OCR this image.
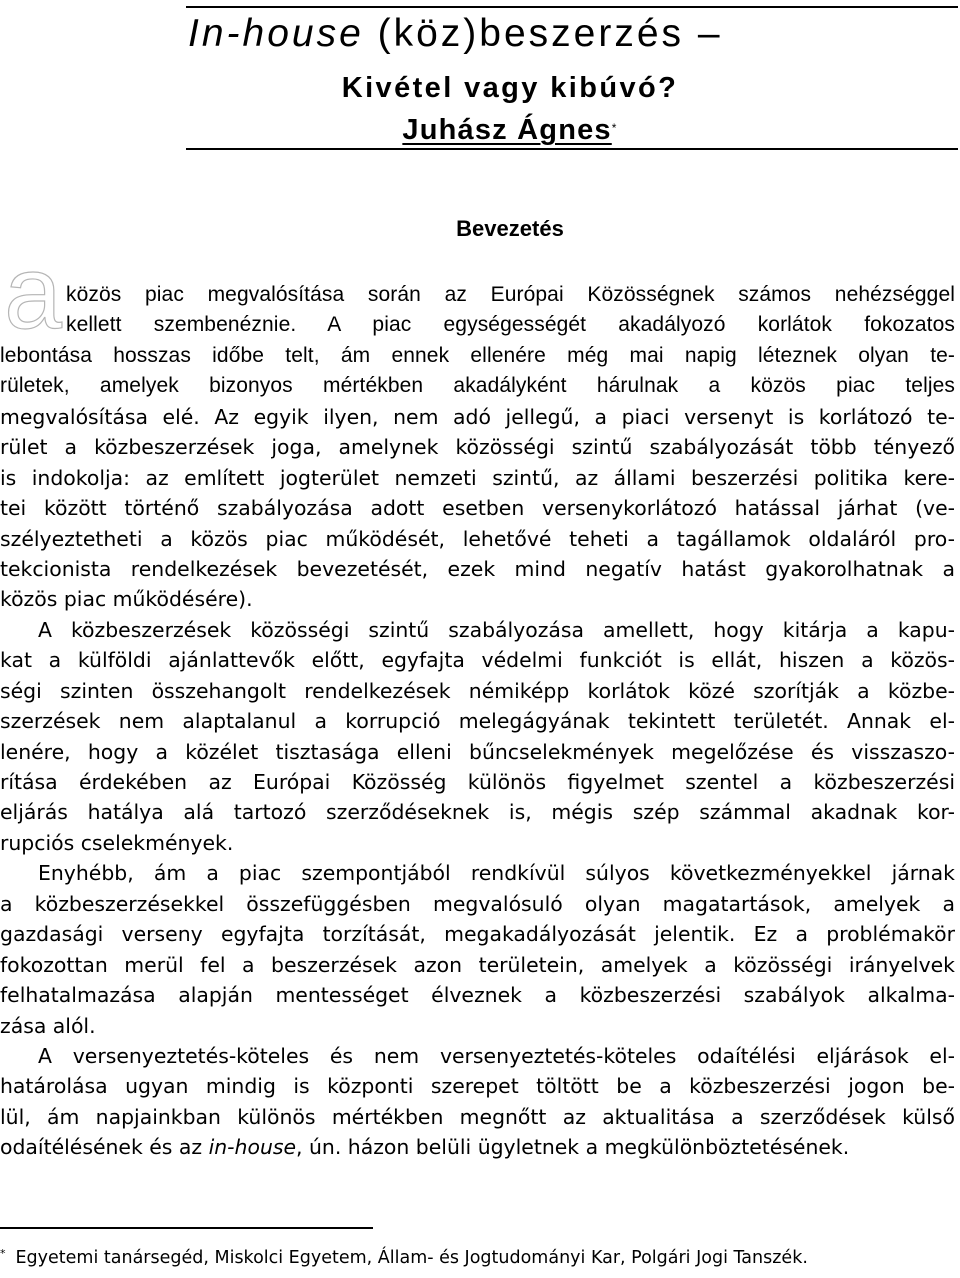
In-house (köz)beszerzés –
Kivétel vagy kibúvó?
Juhász Ágnes*
Bevezetés
a közös piac megvalósítása során az Európai Közösségnek számos nehézséggel
kellett szembenéznie. A piac egységességét akadályozó korlátok fokozatos
lebontása hosszas időbe telt, ám ennek ellenére még mai napig léteznek olyan te-
rületek, amelyek bizonyos mértékben akadályként hárulnak a közös piac teljes
megvalósítása elé. Az egyik ilyen, nem adó jellegű, a piaci versenyt is korlátozó te-
rület a közbeszerzések joga, amelynek közösségi szintű szabályozását több tényező
is indokolja: az említett jogterület nemzeti szintű, az állami beszerzési politika kere-
tei között történő szabályozása adott esetben versenykorlátozó hatással járhat (ve-
szélyeztetheti a közös piac működését, lehetővé teheti a tagállamok oldaláról pro-
tekcionista rendelkezések bevezetését, ezek mind negatív hatást gyakorolhatnak a
közös piac működésére).
A közbeszerzések közösségi szintű szabályozása amellett, hogy kitárja a kapu-
kat a külföldi ajánlattevők előtt, egyfajta védelmi funkciót is ellát, hiszen a közös-
ségi szinten összehangolt rendelkezések némiképp korlátok közé szorítják a közbe-
szerzések nem alaptalanul a korrupció melegágyának tekintett területét. Annak el-
lenére, hogy a közélet tisztasága elleni bűncselekmények megelőzése és visszaszo-
rítása érdekében az Európai Közösség különös figyelmet szentel a közbeszerzési
eljárás hatálya alá tartozó szerződéseknek is, mégis szép számmal akadnak kor-
rupciós cselekmények.
Enyhébb, ám a piac szempontjából rendkívül súlyos következményekkel járnak
a közbeszerzésekkel összefüggésben megvalósuló olyan magatartások, amelyek a
gazdasági verseny egyfajta torzítását, megakadályozását jelentik. Ez a problémakör
fokozottan merül fel a beszerzések azon területein, amelyek a közösségi irányelvek
felhatalmazása alapján mentességet élveznek a közbeszerzési szabályok alkalma-
zása alól.
A versenyeztetés-köteles és nem versenyeztetés-köteles odaítélési eljárások el-
határolása ugyan mindig is központi szerepet töltött be a közbeszerzési jogon be-
lül, ám napjainkban különös mértékben megnőtt az aktualitása a szerződések külső
odaítélésének és az in-house, ún. házon belüli ügyletnek a megkülönböztetésének.
* Egyetemi tanársegéd, Miskolci Egyetem, Állam- és Jogtudományi Kar, Polgári Jogi Tanszék.
